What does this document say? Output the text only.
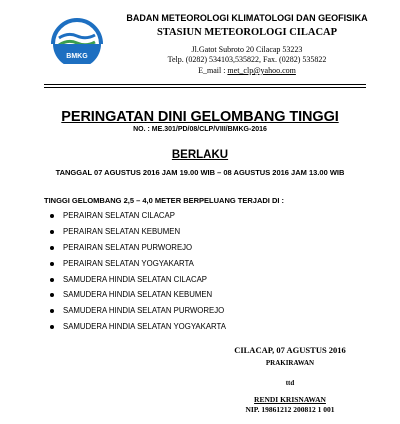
BMKG
BADAN METEOROLOGI KLIMATOLOGI DAN GEOFISIKA
STASIUN METEOROLOGI CILACAP
Jl.Gatot Subroto 20 Cilacap 53223
Telp. (0282) 534103,535822, Fax. (0282) 535822
E_mail : met_clp@yahoo.com
PERINGATAN DINI GELOMBANG TINGGI
NO. : ME.301/PD/08/CLP/VIII/BMKG-2016
BERLAKU
TANGGAL 07 AGUSTUS 2016 JAM 19.00 WIB – 08 AGUSTUS 2016 JAM 13.00 WIB
TINGGI GELOMBANG 2,5 – 4,0 METER BERPELUANG TERJADI DI :
PERAIRAN SELATAN CILACAP
PERAIRAN SELATAN KEBUMEN
PERAIRAN SELATAN PURWOREJO
PERAIRAN SELATAN YOGYAKARTA
SAMUDERA HINDIA SELATAN CILACAP
SAMUDERA HINDIA SELATAN KEBUMEN
SAMUDERA HINDIA SELATAN PURWOREJO
SAMUDERA HINDIA SELATAN YOGYAKARTA
CILACAP, 07 AGUSTUS 2016
PRAKIRAWAN
ttd
RENDI KRISNAWAN
NIP. 19861212 200812 1 001
